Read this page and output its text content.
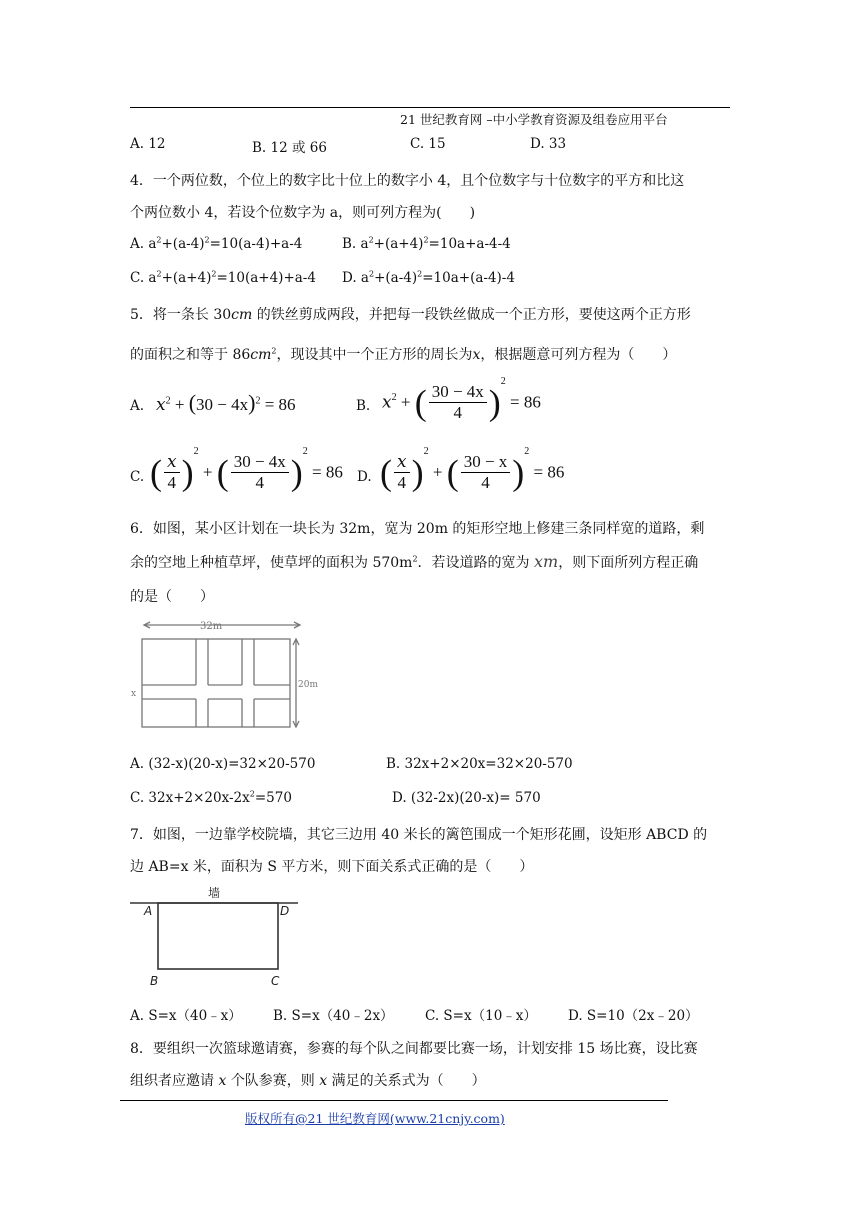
21 世纪教育网 –中小学教育资源及组卷应用平台
A. 12	B. 12 或 66	C. 15	D. 33
4．一个两位数，个位上的数字比十位上的数字小 4，且个位数字与十位数字的平方和比这
个两位数小 4，若设个位数字为 a，则可列方程为(　　)
A. $a^2+(a-4)^2=10(a-4)+a-4$	B. $a^2+(a+4)^2=10a+a-4-4$
C. $a^2+(a+4)^2=10(a+4)+a-4$ D. $a^2+(a-4)^2=10a+(a-4)-4$
5．将一条长 30cm 的铁丝剪成两段，并把每一段铁丝做成一个正方形，要使这两个正方形
的面积之和等于 $86cm^2$，现设其中一个正方形的周长为x，根据题意可列方程为（　　）
A. $x^2 + (30 - 4x)^2 = 86$	B. $x^2$ + ( $\frac{30 - 4x}{4} )^2 = 86$
C. ( $\frac{x}{4} )^2$ + ( $\frac{30 - 4x}{4} )^2 = 86$ D. ( $\frac{x}{4} )^2$ + ( $\frac{30 - x}{4} )^2 = 86$
6．如图，某小区计划在一块长为 32m，宽为 20m 的矩形空地上修建三条同样宽的道路，剩
余的空地上种植草坪，使草坪的面积为 $570m^2$．若设道路的宽为 xm，则下面所列方程正确
的是（　　）
32m
20m
x
A. (32-x)(20-x)=32×20-570	B. 32x+2×20x=32×20-570
C. $32x+2\times 20x-2x^2=570$	D. (32-2x)(20-x)= 570
7．如图，一边靠学校院墙，其它三边用 40 米长的篱笆围成一个矩形花圃，设矩形 ABCD 的
边 AB=x 米，面积为 S 平方米，则下面关系式正确的是（　　）
墙
A	D
B	C
A. S=x（40﹣x） B. S=x（40﹣2x） C. S=x（10﹣x） D. S=10（2x﹣20）
8．要组织一次篮球邀请赛，参赛的每个队之间都要比赛一场，计划安排 15 场比赛，设比赛
组织者应邀请 x 个队参赛，则 x 满足的关系式为（　　）
版权所有@21 世纪教育网(www.21cnjy.com)
